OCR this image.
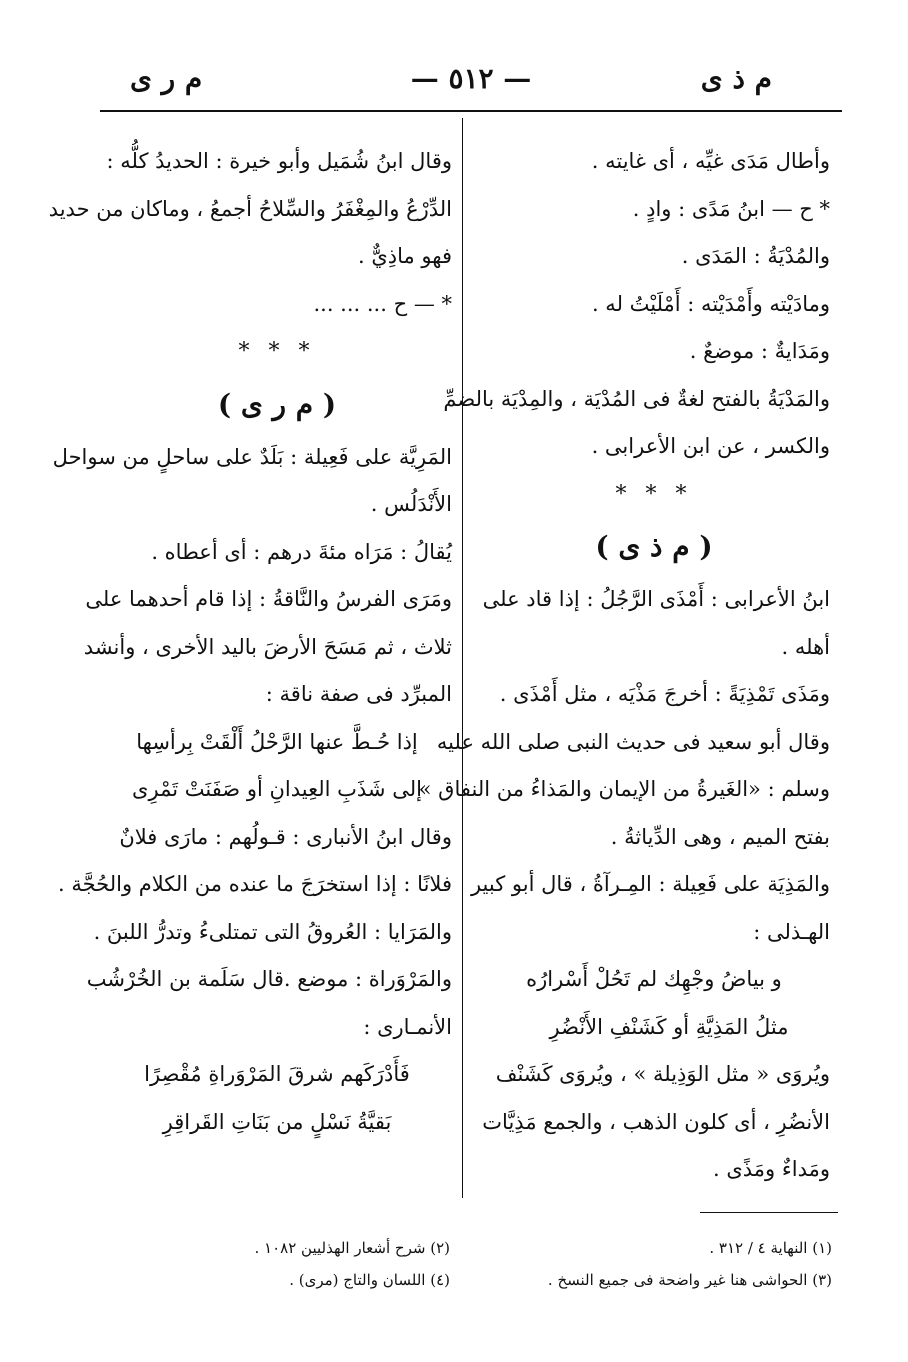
م ذ ى
— ٥١٢ —
م ر ى

وأطال مَدَى غيِّه ، أى غايته .

* ح — ابنُ مَدًى : وادٍ .

والمُدْيَةُ : المَدَى .

ومادَيْته وأَمْدَيْته : أَمْلَيْتُ له .

ومَدَايةٌ : موضعٌ .

والمَدْيَةُ بالفتح لغةٌ فى المُدْيَة ، والمِدْيَة بالضمِّ

والكسر ، عن ابن الأعرابى .

* * *

( م ذ ى )

ابنُ الأعرابى : أَمْذَى الرَّجُلُ : إذا قاد على

أهله .

ومَذَى تَمْذِيَةً : أخرجَ مَذْيَه ، مثل أَمْذَى .

وقال أبو سعيد فى حديث النبى صلى الله عليه

وسلم : «الغَيرةُ من الإيمان والمَذاءُ من النفاق »

بفتح الميم ، وهى الدِّياثةُ .

والمَذِيَة على فَعِيلة : المِـرآةُ ، قال أبو كبير

الهـذلى :

و بياضُ وجْهِك لم تَحُلْ أَسْرارُه

مثلُ المَذِيَّةِ أو كَشَنْفِ الأَنْضُرِ

ويُروَى « مثل الوَذِيلة » ، ويُروَى كَشَنْف

الأنضُرِ ، أى كلون الذهب ، والجمع مَذِيَّات

ومَداءٌ ومَذًى .

وقال ابنُ شُمَيل وأبو خيرة : الحديدُ كلُّه :

الدِّرْعُ والمِغْفَرُ والسِّلاحُ أجمعُ ، وماكان من حديد

فهو ماذِيٌّ .

* — ح ... ... ...

* * *

( م ر ى )

المَرِيَّة على فَعِيلة : بَلَدٌ على ساحلٍ من سواحل

الأَنْدَلُس .

يُقالُ : مَرَاه مئةَ درهم : أى أعطاه .

ومَرَى الفرسُ والنَّاقةُ : إذا قام أحدهما على

ثلاث ، ثم مَسَحَ الأرضَ باليد الأخرى ، وأنشد

المبرِّد فى صفة ناقة :

إذا حُـطَّ عنها الرَّحْلُ أَلْقَتْ بِرأسِها

إلى شَذَبِ العِيدانِ أو صَفَنَتْ تَمْرِى

وقال ابنُ الأنبارى : قـولُهم : مارَى فلانٌ

فلانًا : إذا استخرَجَ ما عنده من الكلام والحُجَّة .

والمَرَايا : العُروقُ التى تمتلىءُ وتدرُّ اللبنَ .

والمَرْوَراة : موضع .قال سَلَمة بن الخُرْشُب

الأنمـارى :

فَأَدْرَكَهم شرقَ المَرْوَراةِ مُقْصِرًا

بَقيَّةُ نَسْلٍ من بَنَاتِ القَراقِرِ

(١) النهاية ٤ / ٣١٢ .
(٣) الحواشى هنا غير واضحة فى جميع النسخ .
(٢) شرح أشعار الهذليين ١٠٨٢ .
(٤) اللسان والتاج (مرى) .
